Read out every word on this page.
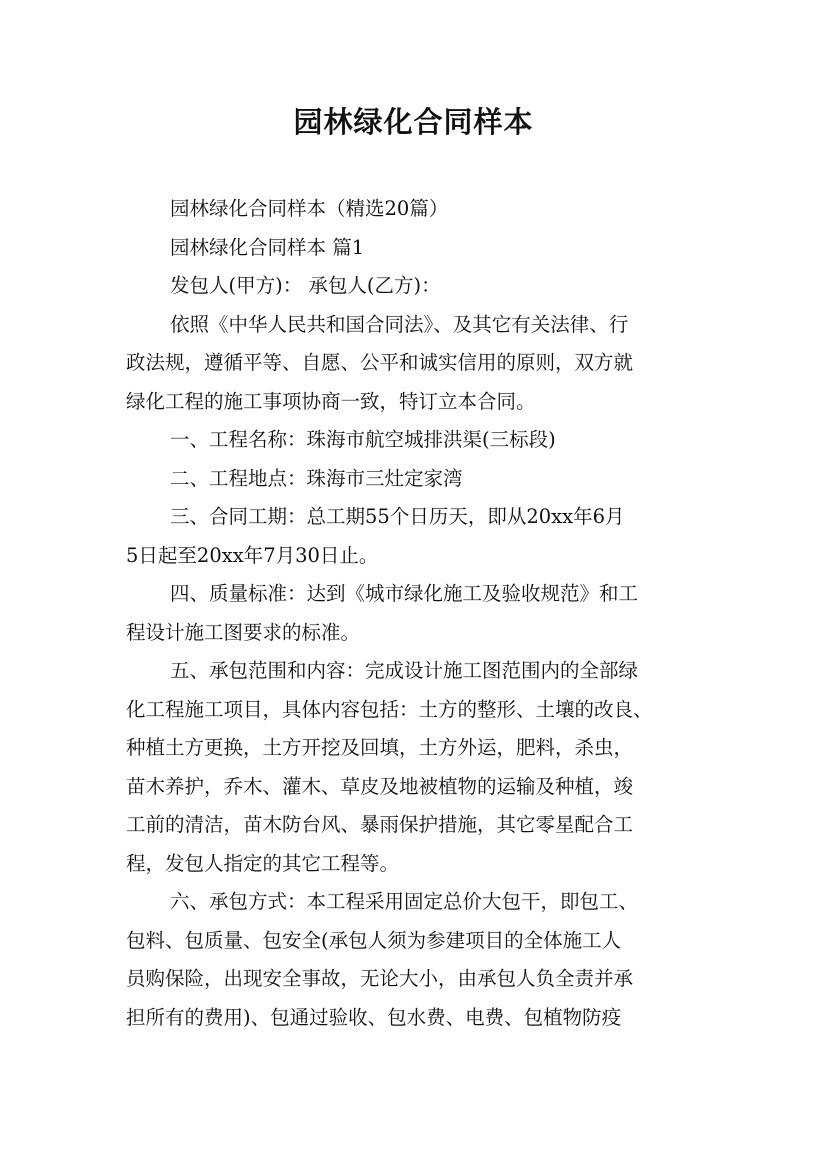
园林绿化合同样本
园林绿化合同样本（精选20篇）
园林绿化合同样本 篇1
发包人(甲方)： 承包人(乙方)：
依照《中华人民共和国合同法》、及其它有关法律、行
政法规，遵循平等、自愿、公平和诚实信用的原则，双方就
绿化工程的施工事项协商一致，特订立本合同。
一、工程名称：珠海市航空城排洪渠(三标段)
二、工程地点：珠海市三灶定家湾
三、合同工期：总工期55个日历天，即从20xx年6月
5日起至20xx年7月30日止。
四、质量标准：达到《城市绿化施工及验收规范》和工
程设计施工图要求的标准。
五、承包范围和内容：完成设计施工图范围内的全部绿
化工程施工项目，具体内容包括：土方的整形、土壤的改良、
种植土方更换，土方开挖及回填，土方外运，肥料，杀虫，
苗木养护，乔木、灌木、草皮及地被植物的运输及种植，竣
工前的清洁，苗木防台风、暴雨保护措施，其它零星配合工
程，发包人指定的其它工程等。
六、承包方式：本工程采用固定总价大包干，即包工、
包料、包质量、包安全(承包人须为参建项目的全体施工人
员购保险，出现安全事故，无论大小，由承包人负全责并承
担所有的费用)、包通过验收、包水费、电费、包植物防疫
